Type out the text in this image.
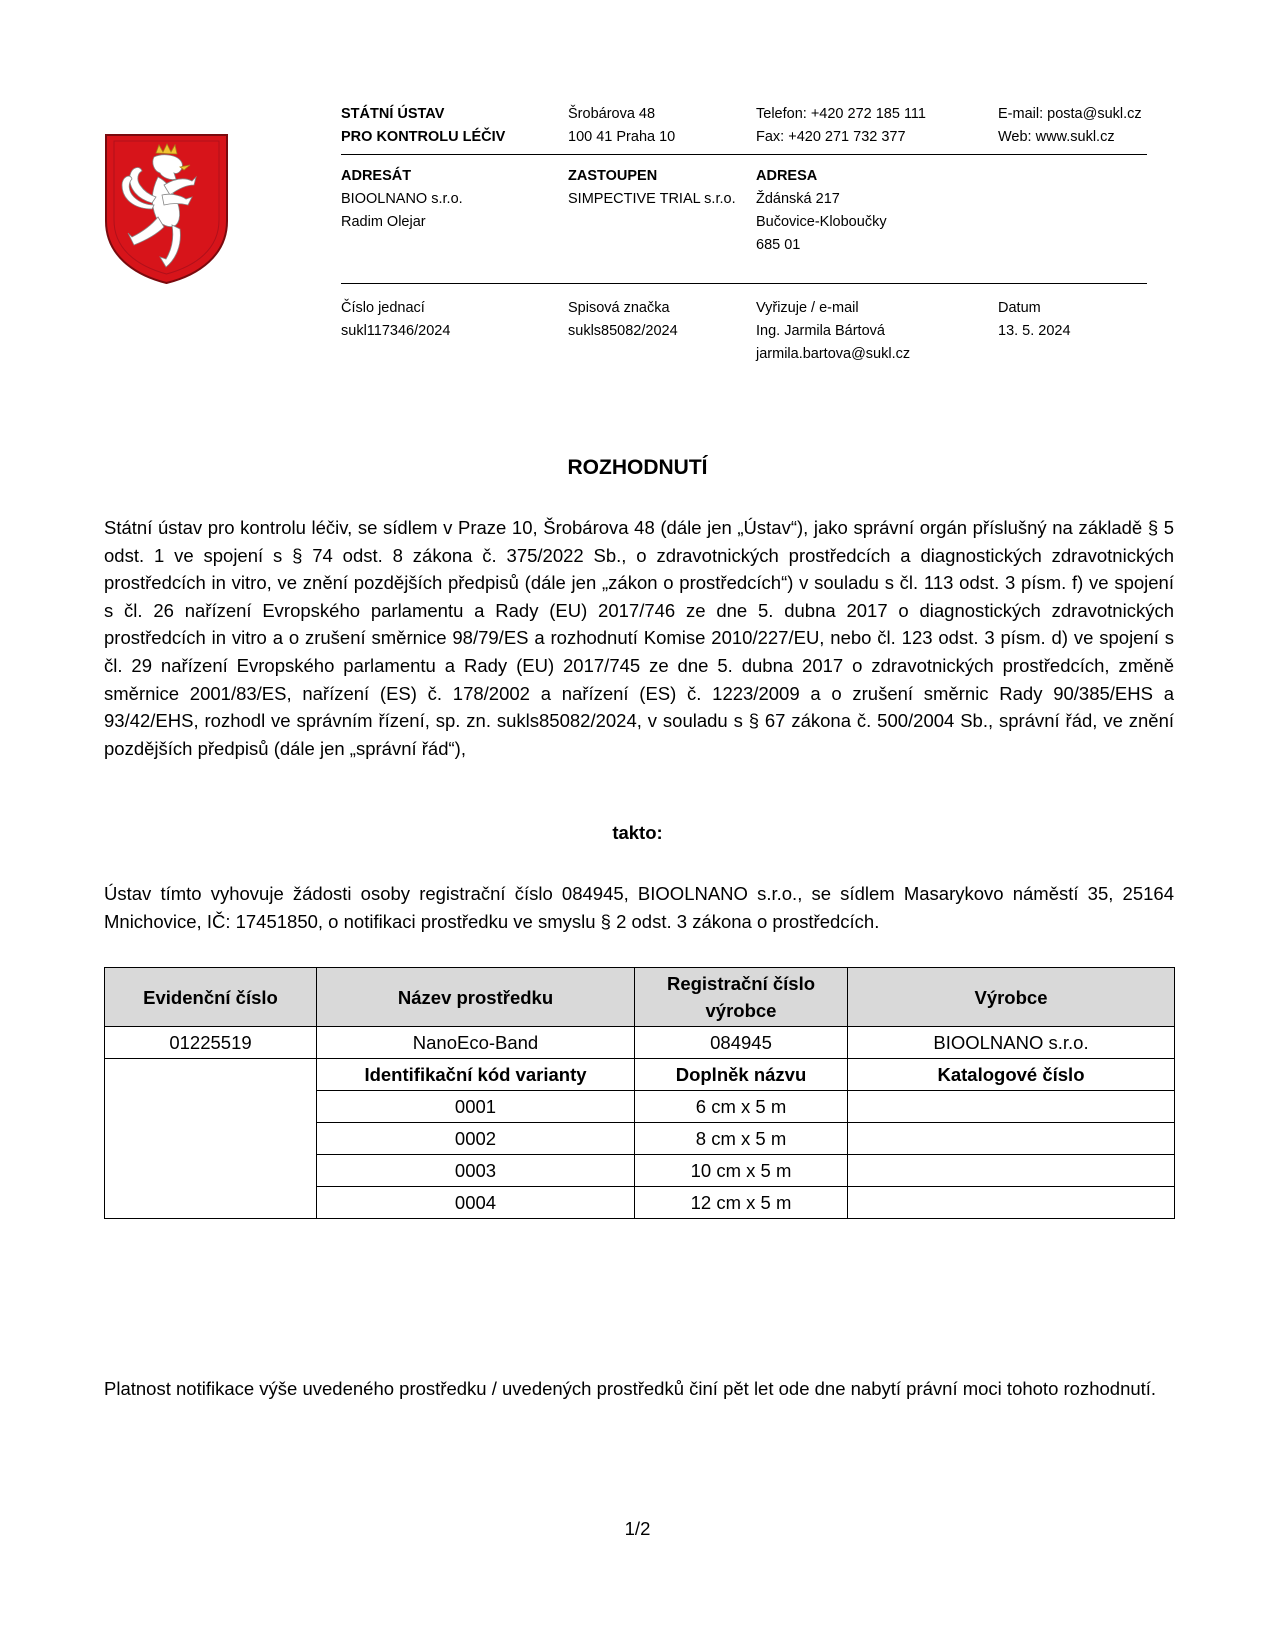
STÁTNÍ ÚSTAV
PRO KONTROLU LÉČIV
Šrobárova 48
100 41 Praha 10
Telefon: +420 272 185 111
Fax: +420 271 732 377
E-mail: posta@sukl.cz
Web: www.sukl.cz
ADRESÁT
BIOOLNANO s.r.o.
Radim Olejar
ZASTOUPEN
SIMPECTIVE TRIAL s.r.o.
ADRESA
Ždánská 217
Bučovice-Kloboučky
685 01
Číslo jednací
sukl117346/2024
Spisová značka
sukls85082/2024
Vyřizuje / e-mail
Ing. Jarmila Bártová
jarmila.bartova@sukl.cz
Datum
13. 5. 2024
ROZHODNUTÍ
Státní ústav pro kontrolu léčiv, se sídlem v Praze 10, Šrobárova 48 (dále jen „Ústav“), jako správní orgán příslušný na základě § 5 odst. 1 ve spojení s § 74 odst. 8 zákona č. 375/2022 Sb., o zdravotnických prostředcích a diagnostických zdravotnických prostředcích in vitro, ve znění pozdějších předpisů (dále jen „zákon o prostředcích“) v souladu s čl. 113 odst. 3 písm. f) ve spojení s čl. 26 nařízení Evropského parlamentu a Rady (EU) 2017/746 ze dne 5. dubna 2017 o diagnostických zdravotnických prostředcích in vitro a o zrušení směrnice 98/79/ES a rozhodnutí Komise 2010/227/EU, nebo čl. 123 odst. 3 písm. d) ve spojení s čl. 29 nařízení Evropského parlamentu a Rady (EU) 2017/745 ze dne 5. dubna 2017 o zdravotnických prostředcích, změně směrnice 2001/83/ES, nařízení (ES) č. 178/2002 a nařízení (ES) č. 1223/2009 a o zrušení směrnic Rady 90/385/EHS a 93/42/EHS, rozhodl ve správním řízení, sp. zn. sukls85082/2024, v souladu s § 67 zákona č. 500/2004 Sb., správní řád, ve znění pozdějších předpisů (dále jen „správní řád“),
takto:
Ústav tímto vyhovuje žádosti osoby registrační číslo 084945, BIOOLNANO s.r.o., se sídlem Masarykovo náměstí 35, 25164 Mnichovice, IČ: 17451850, o notifikaci prostředku ve smyslu § 2 odst. 3 zákona o prostředcích.
Evidenční číslo	Název prostředku	Registrační číslo výrobce	Výrobce
01225519	NanoEco-Band	084945	BIOOLNANO s.r.o.
	Identifikační kód varianty	Doplněk názvu	Katalogové číslo
	0001	6 cm x 5 m	
	0002	8 cm x 5 m	
	0003	10 cm x 5 m	
	0004	12 cm x 5 m	
Platnost notifikace výše uvedeného prostředku / uvedených prostředků činí pět let ode dne nabytí právní moci tohoto rozhodnutí.
1/2
